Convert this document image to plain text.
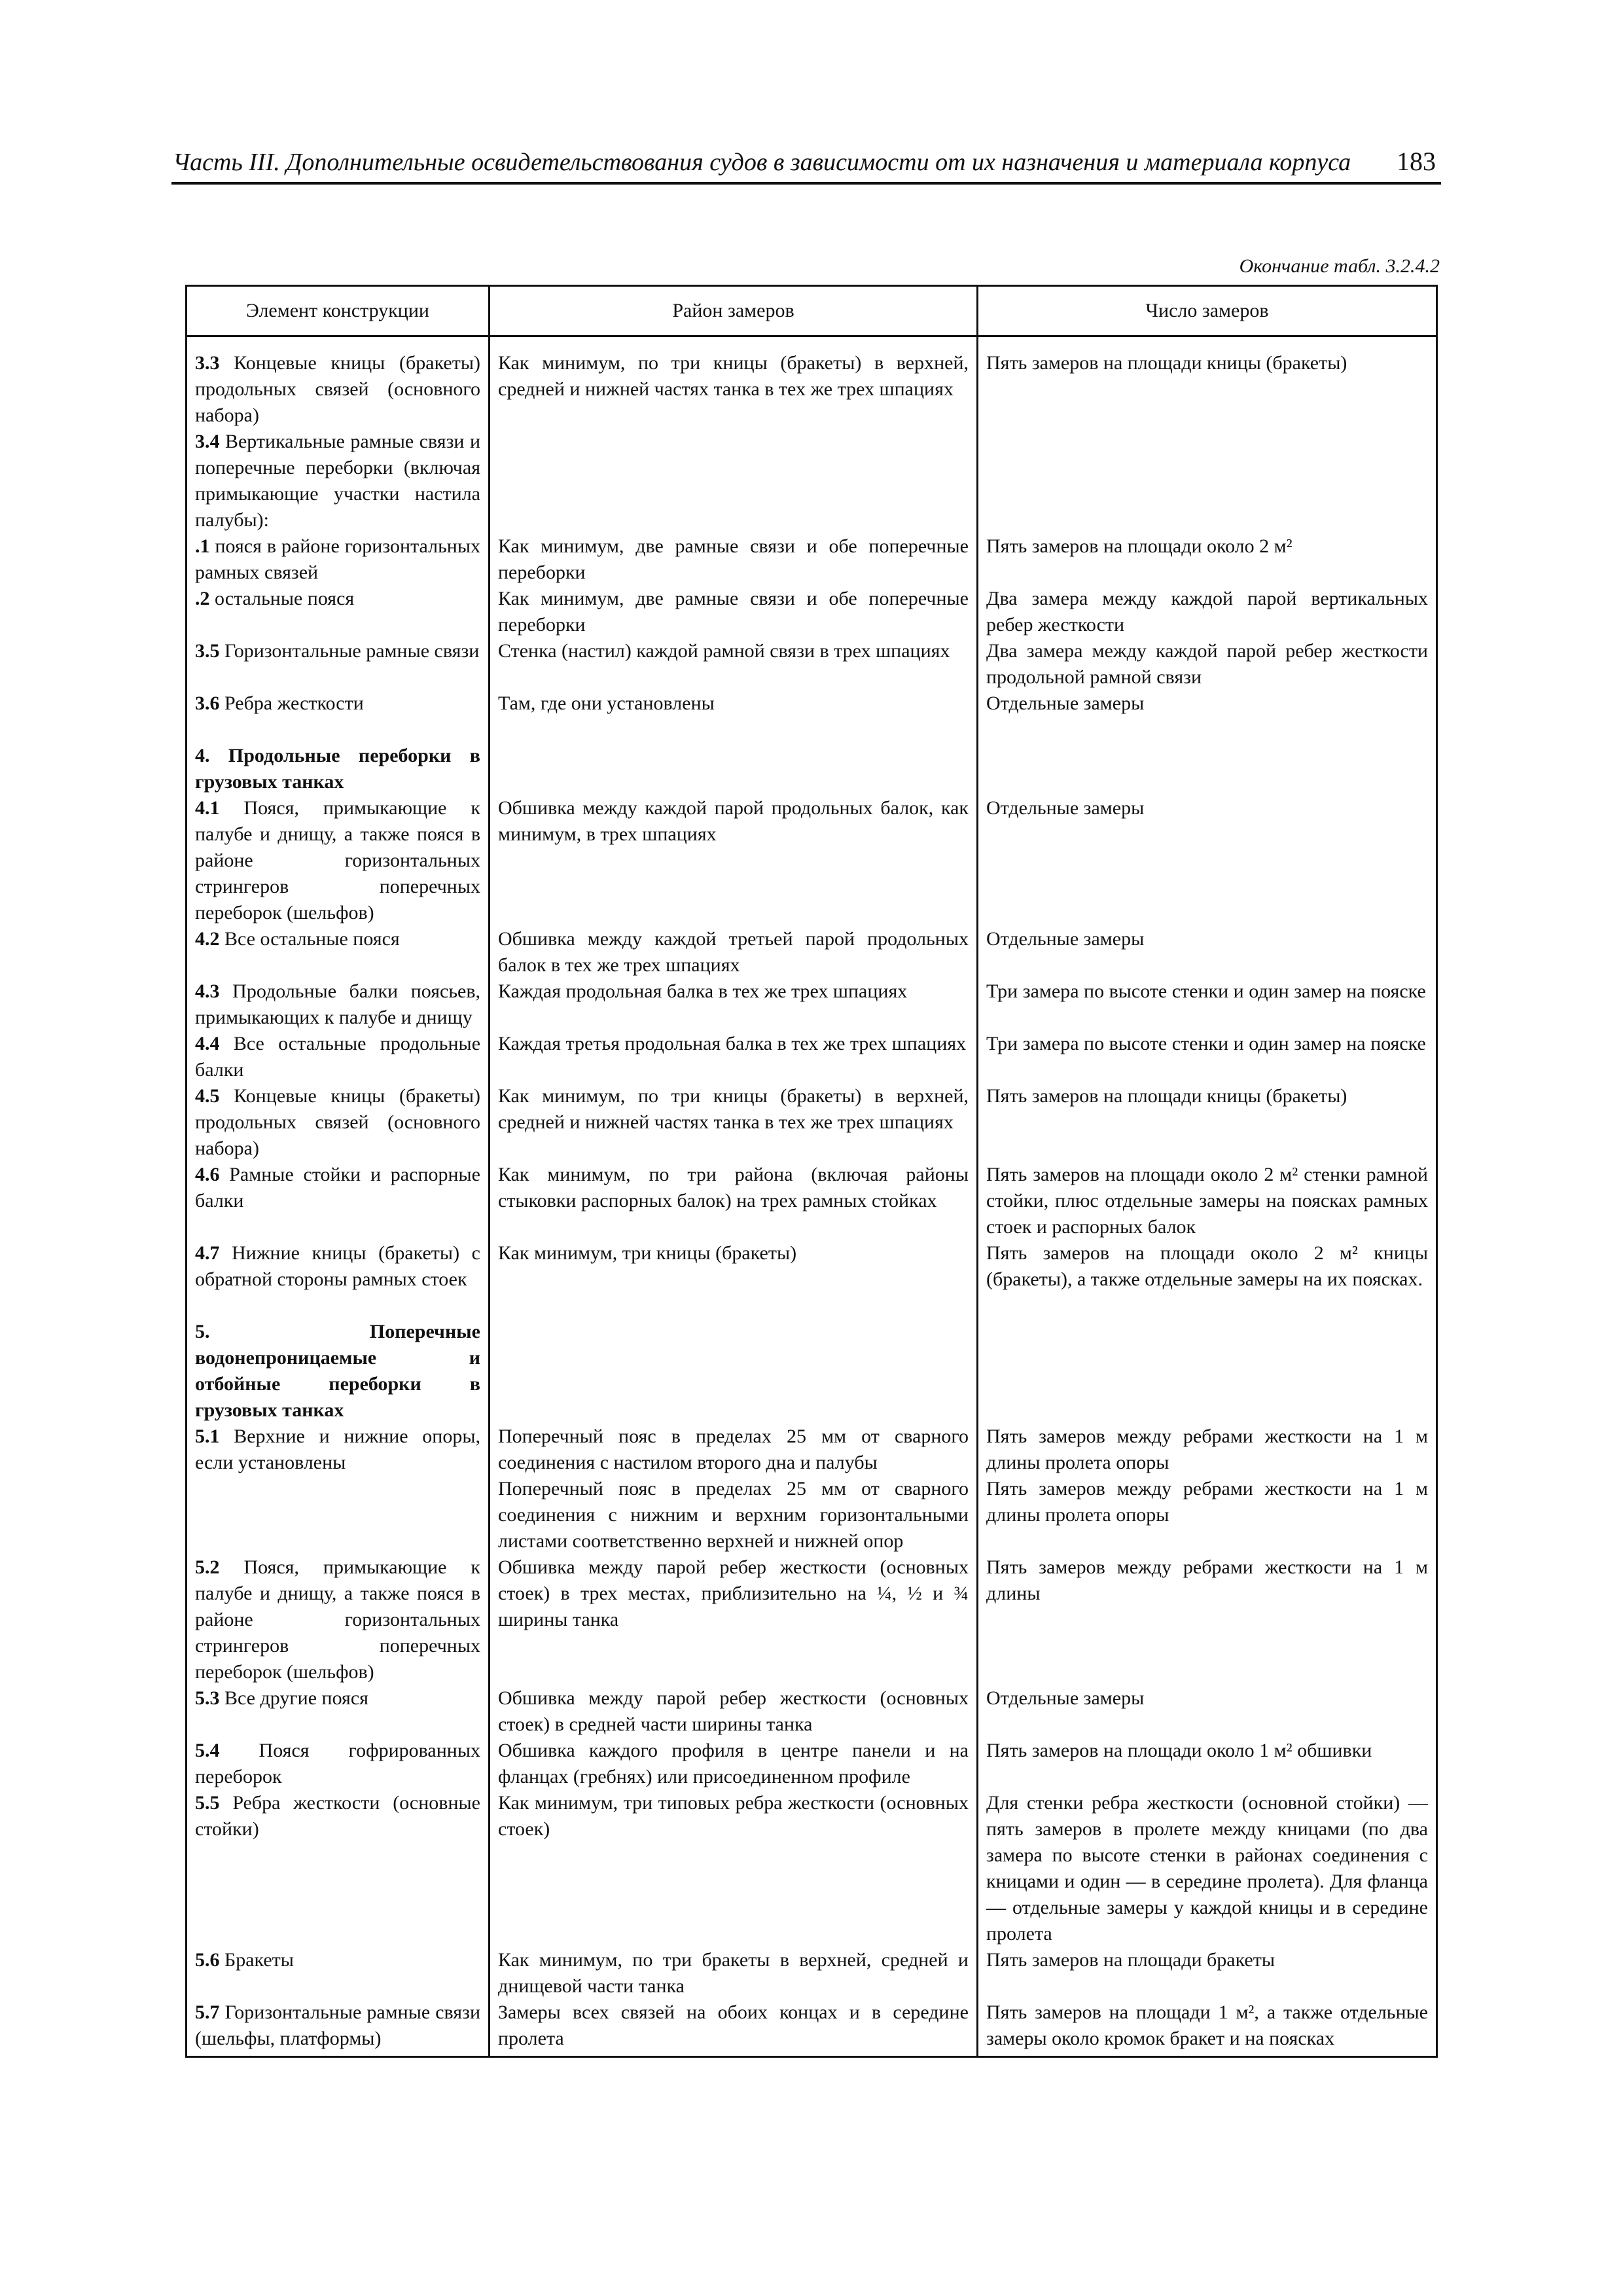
Часть III. Дополнительные освидетельствования судов в зависимости от их назначения и материала корпуса 183
Окончание табл. 3.2.4.2
Элемент конструкции	Район замеров	Число замеров
3.3 Концевые кницы (бракеты) продольных связей (основного набора)	Как минимум, по три кницы (бракеты) в верхней, средней и нижней частях танка в тех же трех шпациях	Пять замеров на площади кницы (бракеты)
3.4 Вертикальные рамные связи и поперечные переборки (включая примыкающие участки настила палубы):		
.1 пояся в районе горизонтальных рамных связей	Как минимум, две рамные связи и обе поперечные переборки	Пять замеров на площади около 2 м²
.2 остальные пояся	Как минимум, две рамные связи и обе поперечные переборки	Два замера между каждой парой вертикальных ребер жесткости
3.5 Горизонтальные рамные связи	Стенка (настил) каждой рамной связи в трех шпациях	Два замера между каждой парой ребер жесткости продольной рамной связи
3.6 Ребра жесткости	Там, где они установлены	Отдельные замеры

4. Продольные переборки в грузовых танках		
4.1 Пояся, примыкающие к палубе и днищу, а также пояся в районе горизонтальных стрингеров поперечных переборок (шельфов)	Обшивка между каждой парой продольных балок, как минимум, в трех шпациях	Отдельные замеры
4.2 Все остальные пояся	Обшивка между каждой третьей парой продольных балок в тех же трех шпациях	Отдельные замеры
4.3 Продольные балки поясьев, примыкающих к палубе и днищу	Каждая продольная балка в тех же трех шпациях	Три замера по высоте стенки и один замер на пояске
4.4 Все остальные продольные балки	Каждая третья продольная балка в тех же трех шпациях	Три замера по высоте стенки и один замер на пояске
4.5 Концевые кницы (бракеты) продольных связей (основного набора)	Как минимум, по три кницы (бракеты) в верхней, средней и нижней частях танка в тех же трех шпациях	Пять замеров на площади кницы (бракеты)
4.6 Рамные стойки и распорные балки	Как минимум, по три района (включая районы стыковки распорных балок) на трех рамных стойках	Пять замеров на площади около 2 м² стенки рамной стойки, плюс отдельные замеры на поясках рамных стоек и распорных балок
4.7 Нижние кницы (бракеты) с обратной стороны рамных стоек	Как минимум, три кницы (бракеты)	Пять замеров на площади около 2 м² кницы (бракеты), а также отдельные замеры на их поясках.

5. Поперечные водонепроницаемые и отбойные переборки в грузовых танках		
5.1 Верхние и нижние опоры, если установлены	Поперечный пояс в пределах 25 мм от сварного соединения с настилом второго дна и палубы	Пять замеров между ребрами жесткости на 1 м длины пролета опоры
	Поперечный пояс в пределах 25 мм от сварного соединения с нижним и верхним горизонтальными листами соответственно верхней и нижней опор	Пять замеров между ребрами жесткости на 1 м длины пролета опоры
5.2 Пояся, примыкающие к палубе и днищу, а также пояся в районе горизонтальных стрингеров поперечных переборок (шельфов)	Обшивка между парой ребер жесткости (основных стоек) в трех местах, приблизительно на ¼, ½ и ¾ ширины танка	Пять замеров между ребрами жесткости на 1 м длины
5.3 Все другие пояся	Обшивка между парой ребер жесткости (основных стоек) в средней части ширины танка	Отдельные замеры
5.4 Пояся гофрированных переборок	Обшивка каждого профиля в центре панели и на фланцах (гребнях) или присоединенном профиле	Пять замеров на площади около 1 м² обшивки
5.5 Ребра жесткости (основные стойки)	Как минимум, три типовых ребра жесткости (основных стоек)	Для стенки ребра жесткости (основной стойки) — пять замеров в пролете между кницами (по два замера по высоте стенки в районах соединения с кницами и один — в середине пролета). Для фланца — отдельные замеры у каждой кницы и в середине пролета
5.6 Бракеты	Как минимум, по три бракеты в верхней, средней и днищевой части танка	Пять замеров на площади бракеты
5.7 Горизонтальные рамные связи (шельфы, платформы)	Замеры всех связей на обоих концах и в середине пролета	Пять замеров на площади 1 м², а также отдельные замеры около кромок бракет и на поясках
